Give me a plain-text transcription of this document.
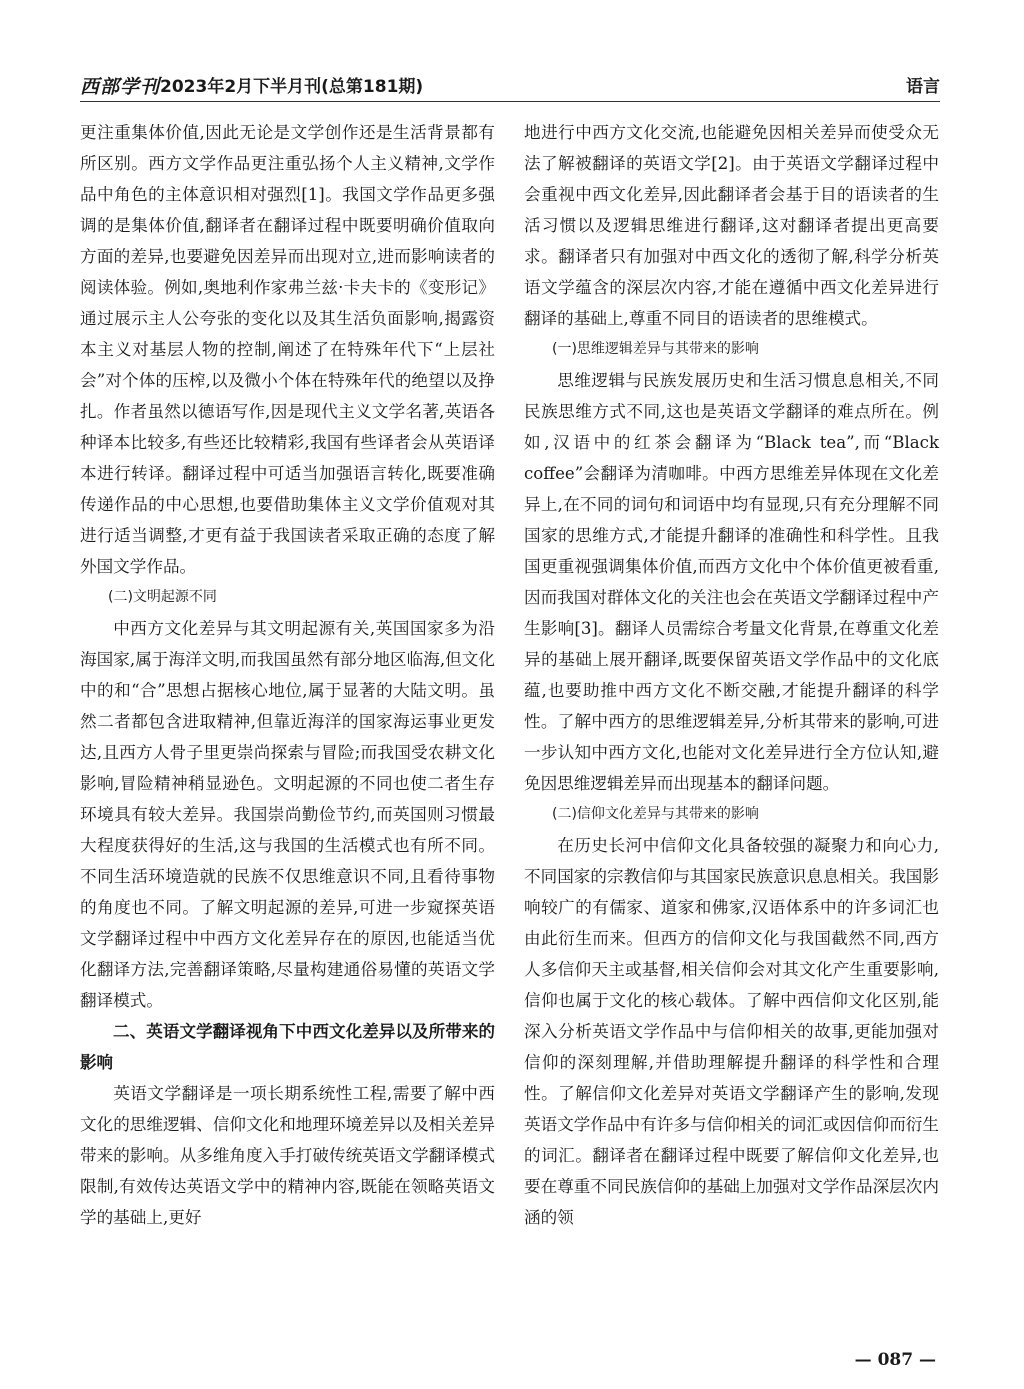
西部学刊 2023年2月下半月刊(总第181期)	语言

更注重集体价值,因此无论是文学创作还是生活背景都有所区别。西方文学作品更注重弘扬个人主义精神,文学作品中角色的主体意识相对强烈[1]。我国文学作品更多强调的是集体价值,翻译者在翻译过程中既要明确价值取向方面的差异,也要避免因差异而出现对立,进而影响读者的阅读体验。例如,奥地利作家弗兰兹·卡夫卡的《变形记》通过展示主人公夸张的变化以及其生活负面影响,揭露资本主义对基层人物的控制,阐述了在特殊年代下“上层社会”对个体的压榨,以及微小个体在特殊年代的绝望以及挣扎。作者虽然以德语写作,因是现代主义文学名著,英语各种译本比较多,有些还比较精彩,我国有些译者会从英语译本进行转译。翻译过程中可适当加强语言转化,既要准确传递作品的中心思想,也要借助集体主义文学价值观对其进行适当调整,才更有益于我国读者采取正确的态度了解外国文学作品。

(二)文明起源不同

中西方文化差异与其文明起源有关,英国国家多为沿海国家,属于海洋文明,而我国虽然有部分地区临海,但文化中的和“合”思想占据核心地位,属于显著的大陆文明。虽然二者都包含进取精神,但靠近海洋的国家海运事业更发达,且西方人骨子里更崇尚探索与冒险;而我国受农耕文化影响,冒险精神稍显逊色。文明起源的不同也使二者生存环境具有较大差异。我国崇尚勤俭节约,而英国则习惯最大程度获得好的生活,这与我国的生活模式也有所不同。不同生活环境造就的民族不仅思维意识不同,且看待事物的角度也不同。了解文明起源的差异,可进一步窥探英语文学翻译过程中中西方文化差异存在的原因,也能适当优化翻译方法,完善翻译策略,尽量构建通俗易懂的英语文学翻译模式。

二、英语文学翻译视角下中西文化差异以及所带来的影响

英语文学翻译是一项长期系统性工程,需要了解中西文化的思维逻辑、信仰文化和地理环境差异以及相关差异带来的影响。从多维角度入手打破传统英语文学翻译模式限制,有效传达英语文学中的精神内容,既能在领略英语文学的基础上,更好

地进行中西方文化交流,也能避免因相关差异而使受众无法了解被翻译的英语文学[2]。由于英语文学翻译过程中会重视中西文化差异,因此翻译者会基于目的语读者的生活习惯以及逻辑思维进行翻译,这对翻译者提出更高要求。翻译者只有加强对中西文化的透彻了解,科学分析英语文学蕴含的深层次内容,才能在遵循中西文化差异进行翻译的基础上,尊重不同目的语读者的思维模式。

(一)思维逻辑差异与其带来的影响

思维逻辑与民族发展历史和生活习惯息息相关,不同民族思维方式不同,这也是英语文学翻译的难点所在。例如,汉语中的红茶会翻译为“Black tea”,而“Black coffee”会翻译为清咖啡。中西方思维差异体现在文化差异上,在不同的词句和词语中均有显现,只有充分理解不同国家的思维方式,才能提升翻译的准确性和科学性。且我国更重视强调集体价值,而西方文化中个体价值更被看重,因而我国对群体文化的关注也会在英语文学翻译过程中产生影响[3]。翻译人员需综合考量文化背景,在尊重文化差异的基础上展开翻译,既要保留英语文学作品中的文化底蕴,也要助推中西方文化不断交融,才能提升翻译的科学性。了解中西方的思维逻辑差异,分析其带来的影响,可进一步认知中西方文化,也能对文化差异进行全方位认知,避免因思维逻辑差异而出现基本的翻译问题。

(二)信仰文化差异与其带来的影响

在历史长河中信仰文化具备较强的凝聚力和向心力,不同国家的宗教信仰与其国家民族意识息息相关。我国影响较广的有儒家、道家和佛家,汉语体系中的许多词汇也由此衍生而来。但西方的信仰文化与我国截然不同,西方人多信仰天主或基督,相关信仰会对其文化产生重要影响,信仰也属于文化的核心载体。了解中西信仰文化区别,能深入分析英语文学作品中与信仰相关的故事,更能加强对信仰的深刻理解,并借助理解提升翻译的科学性和合理性。了解信仰文化差异对英语文学翻译产生的影响,发现英语文学作品中有许多与信仰相关的词汇或因信仰而衍生的词汇。翻译者在翻译过程中既要了解信仰文化差异,也要在尊重不同民族信仰的基础上加强对文学作品深层次内涵的领

— 087 —
